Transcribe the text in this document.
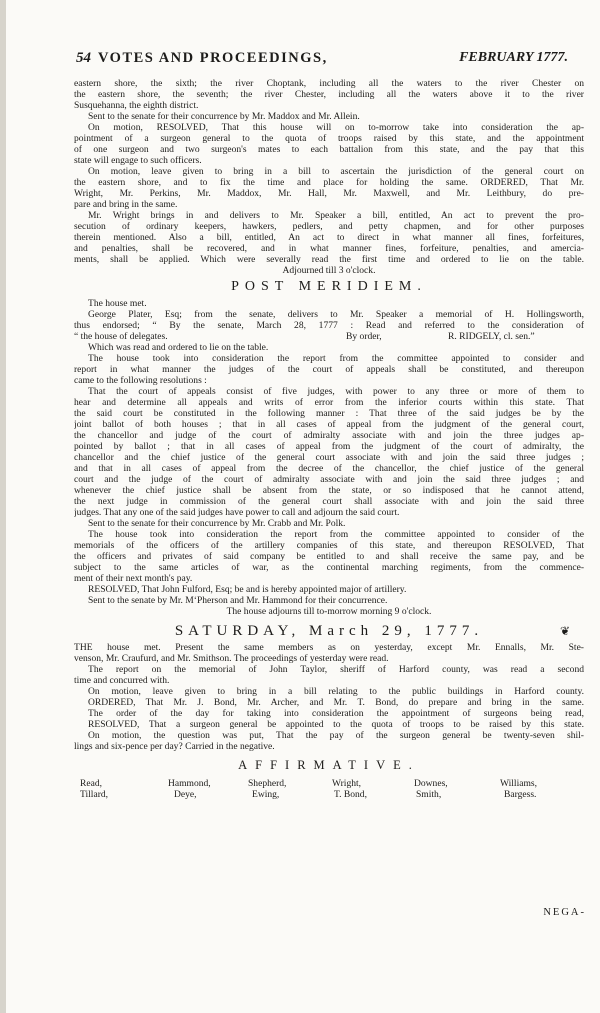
54 VOTES AND PROCEEDINGS,	FEBRUARY 1777.
eastern shore, the sixth; the river Choptank, including all the waters to the river Chester on
the eastern shore, the seventh; the river Chester, including all the waters above it to the river
Susquehanna, the eighth district.
Sent to the senate for their concurrence by Mr. Maddox and Mr. Allein.
On motion, RESOLVED, That this house will on to-morrow take into consideration the ap-
pointment of a surgeon general to the quota of troops raised by this state, and the appointment
of one surgeon and two surgeon's mates to each battalion from this state, and the pay that this
state will engage to such officers.
On motion, leave given to bring in a bill to ascertain the jurisdiction of the general court on
the eastern shore, and to fix the time and place for holding the same. ORDERED, That Mr.
Wright, Mr. Perkins, Mr. Maddox, Mr. Hall, Mr. Maxwell, and Mr. Leithbury, do pre-
pare and bring in the same.
Mr. Wright brings in and delivers to Mr. Speaker a bill, entitled, An act to prevent the pro-
secution of ordinary keepers, hawkers, pedlers, and petty chapmen, and for other purposes
therein mentioned. Also a bill, entitled, An act to direct in what manner all fines, forfeitures,
and penalties, shall be recovered, and in what manner fines, forfeiture, penalties, and amercia-
ments, shall be applied. Which were severally read the first time and ordered to lie on the table.
Adjourned till 3 o'clock.
POST MERIDIEM.
The house met.
George Plater, Esq; from the senate, delivers to Mr. Speaker a memorial of H. Hollingsworth,
thus endorsed; “ By the senate, March 28, 1777 : Read and referred to the consideration of
“ the house of delegates.	By order,	R. RIDGELY, cl. sen.”
Which was read and ordered to lie on the table.
The house took into consideration the report from the committee appointed to consider and
report in what manner the judges of the court of appeals shall be constituted, and thereupon
came to the following resolutions :
That the court of appeals consist of five judges, with power to any three or more of them to
hear and determine all appeals and writs of error from the inferior courts within this state. That
the said court be constituted in the following manner : That three of the said judges be by the
joint ballot of both houses ; that in all cases of appeal from the judgment of the general court,
the chancellor and judge of the court of admiralty associate with and join the three judges ap-
pointed by ballot ; that in all cases of appeal from the judgment of the court of admiralty, the
chancellor and the chief justice of the general court associate with and join the said three judges ;
and that in all cases of appeal from the decree of the chancellor, the chief justice of the general
court and the judge of the court of admiralty associate with and join the said three judges ; and
whenever the chief justice shall be absent from the state, or so indisposed that he cannot attend,
the next judge in commission of the general court shall associate with and join the said three
judges. That any one of the said judges have power to call and adjourn the said court.
Sent to the senate for their concurrence by Mr. Crabb and Mr. Polk.
The house took into consideration the report from the committee appointed to consider of the
memorials of the officers of the artillery companies of this state, and thereupon RESOLVED, That
the officers and privates of said company be entitled to and shall receive the same pay, and be
subject to the same articles of war, as the continental marching regiments, from the commence-
ment of their next month's pay.
RESOLVED, That John Fulford, Esq; be and is hereby appointed major of artillery.
Sent to the senate by Mr. M‘Pherson and Mr. Hammond for their concurrence.
The house adjourns till to-morrow morning 9 o'clock.
SATURDAY, March 29, 1777.	❦
THE house met. Present the same members as on yesterday, except Mr. Ennalls, Mr. Ste-
venson, Mr. Craufurd, and Mr. Smithson. The proceedings of yesterday were read.
The report on the memorial of John Taylor, sheriff of Harford county, was read a second
time and concurred with.
On motion, leave given to bring in a bill relating to the public buildings in Harford county.
ORDERED, That Mr. J. Bond, Mr. Archer, and Mr. T. Bond, do prepare and bring in the same.
The order of the day for taking into consideration the appointment of surgeons being read,
RESOLVED, That a surgeon general be appointed to the quota of troops to be raised by this state.
On motion, the question was put, That the pay of the surgeon general be twenty-seven shil-
lings and six-pence per day? Carried in the negative.
AFFIRMATIVE.
Read,	Hammond,	Shepherd,	Wright,	Downes,	Williams,
Tillard,	Deye,	Ewing,	T. Bond,	Smith,	Bargess.
NEGA-
